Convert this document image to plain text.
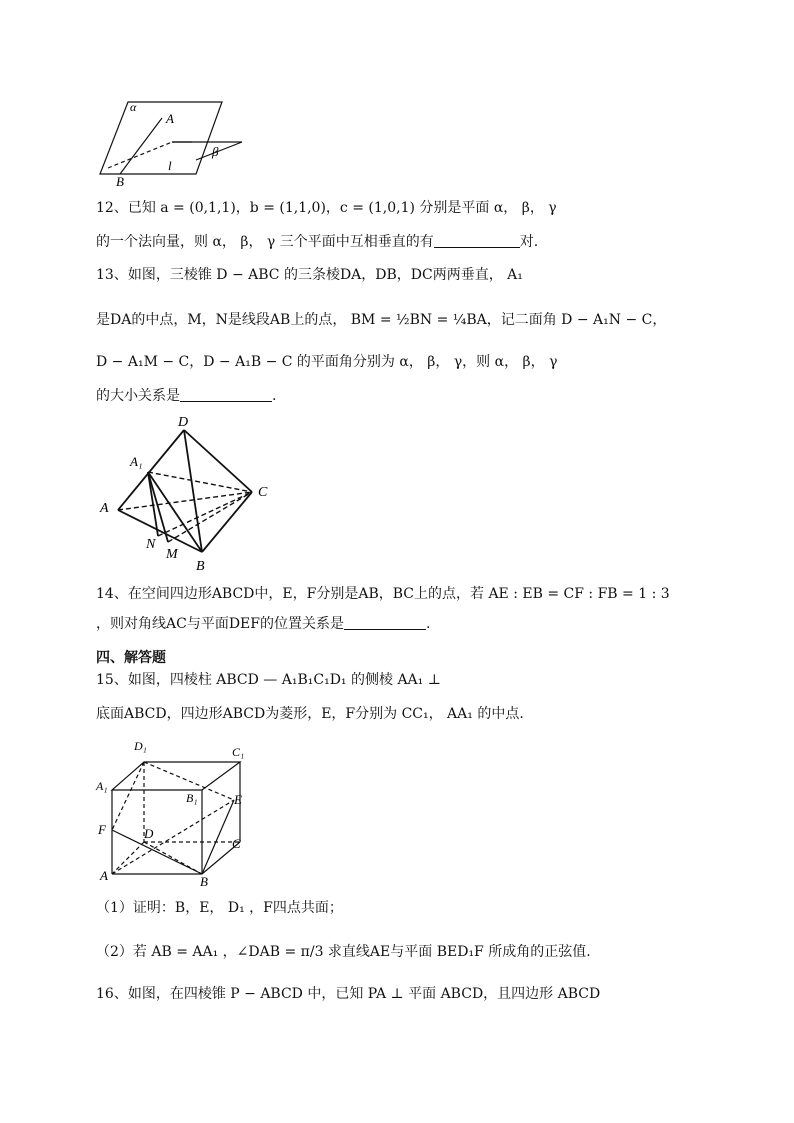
α
A
β
l
B
12、已知 a = (0,1,1)，b = (1,1,0)，c = (1,0,1) 分别是平面 α， β， γ
的一个法向量，则 α， β， γ 三个平面中互相垂直的有	对.
13、如图，三棱锥 D − ABC 的三条棱DA，DB，DC两两垂直， A₁
是DA的中点，M，N是线段AB上的点， BM = ½BN = ¼BA，记二面角 D − A₁N − C，
D − A₁M − C，D − A₁B − C 的平面角分别为 α， β， γ，则 α， β， γ
的大小关系是	.
D
A₁
C
A
N
M
B
14、在空间四边形ABCD中，E，F分别是AB，BC上的点，若 AE : EB = CF : FB = 1 : 3
，则对角线AC与平面DEF的位置关系是	.
四、解答题
15、如图，四棱柱 ABCD — A₁B₁C₁D₁ 的侧棱 AA₁ ⊥
底面ABCD，四边形ABCD为菱形，E，F分别为 CC₁， AA₁ 的中点.
D₁	C₁
A₁
B₁	E
F	D
C
A	B
（1）证明：B，E， D₁ ，F四点共面；
（2）若 AB = AA₁ ，∠DAB = π/3 求直线AE与平面 BED₁F 所成角的正弦值.
16、如图，在四棱锥 P − ABCD 中，已知 PA ⊥ 平面 ABCD，且四边形 ABCD
